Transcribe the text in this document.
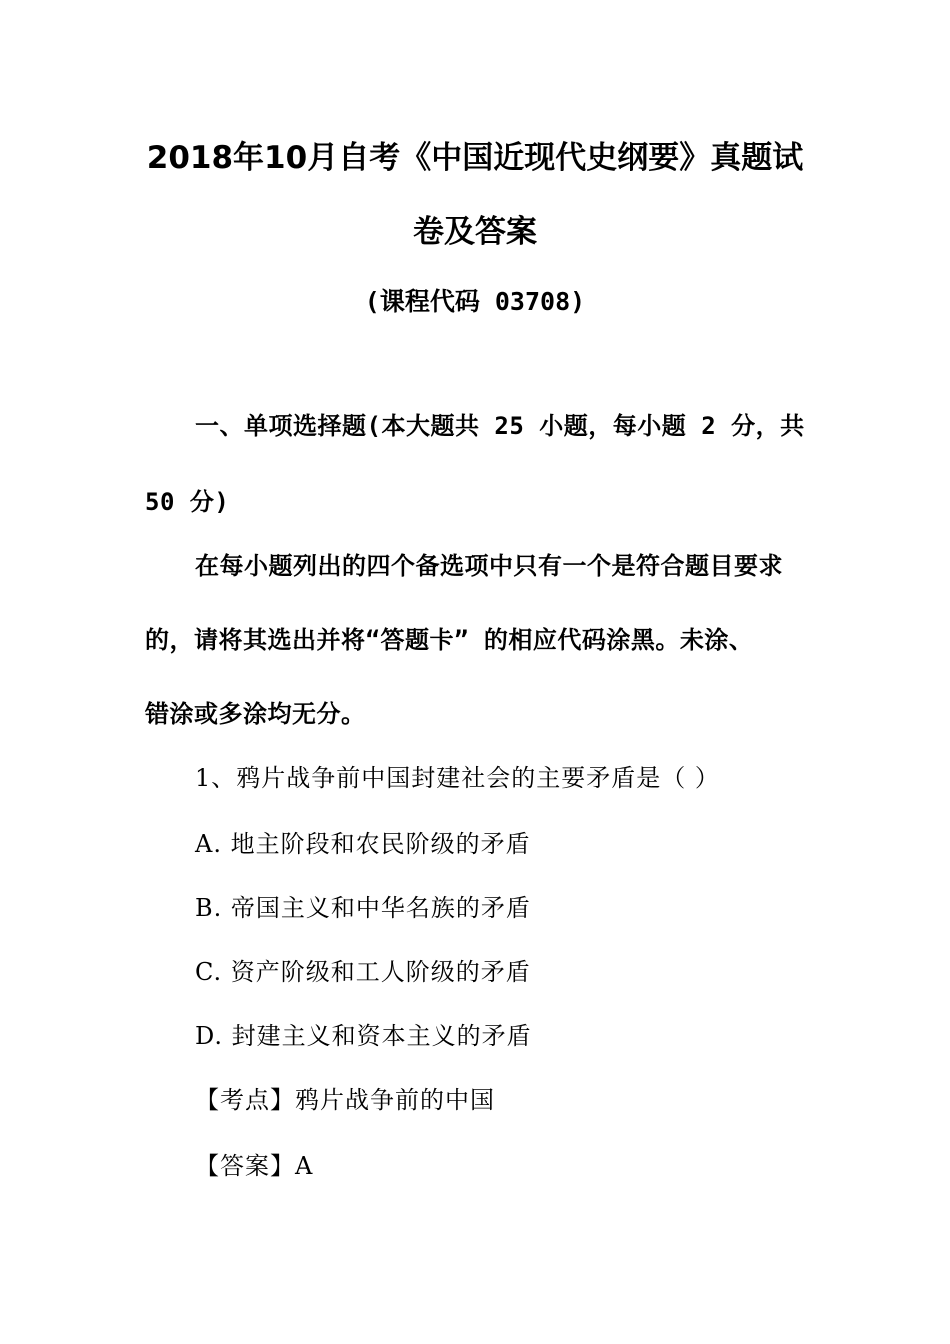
2018年10月自考《中国近现代史纲要》真题试
卷及答案
(课程代码 03708)
一、单项选择题(本大题共 25 小题，每小题 2 分，共
50 分)
在每小题列出的四个备选项中只有一个是符合题目要求
的，请将其选出并将“答题卡” 的相应代码涂黑。未涂、
错涂或多涂均无分。
1、鸦片战争前中国封建社会的主要矛盾是（ ）
A. 地主阶段和农民阶级的矛盾
B. 帝国主义和中华名族的矛盾
C. 资产阶级和工人阶级的矛盾
D. 封建主义和资本主义的矛盾
【考点】鸦片战争前的中国
【答案】A
